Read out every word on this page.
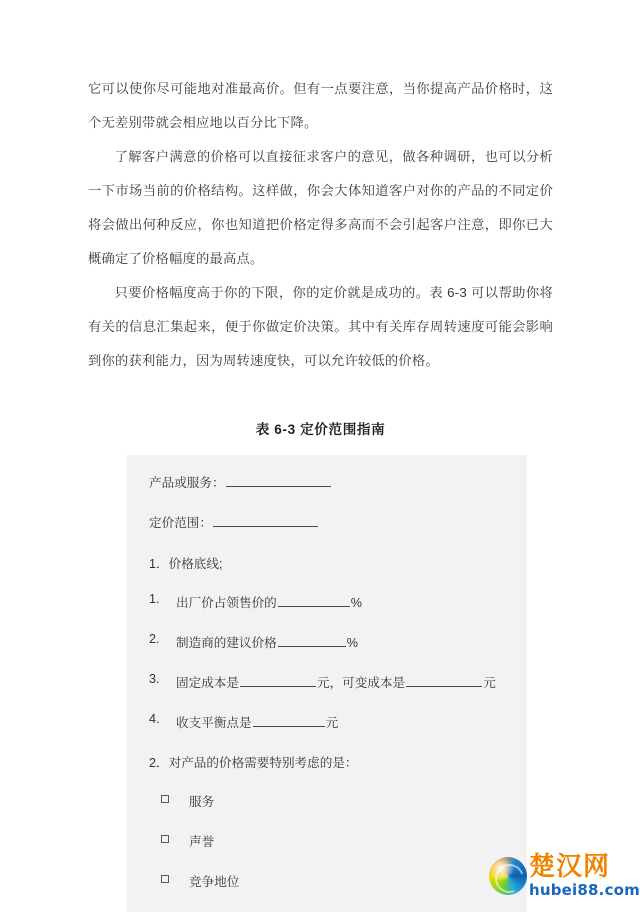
它可以使你尽可能地对准最高价。但有一点要注意，当你提高产品价格时，这个无差别带就会相应地以百分比下降。

了解客户满意的价格可以直接征求客户的意见，做各种调研，也可以分析一下市场当前的价格结构。这样做，你会大体知道客户对你的产品的不同定价将会做出何种反应，你也知道把价格定得多高而不会引起客户注意，即你已大概确定了价格幅度的最高点。

只要价格幅度高于你的下限，你的定价就是成功的。表 6-3 可以帮助你将有关的信息汇集起来，便于你做定价决策。其中有关库存周转速度可能会影响到你的获利能力，因为周转速度快，可以允许较低的价格。

表 6-3 定价范围指南
产品或服务：
定价范围：
1．价格底线;
1.	出厂价占领售价的	%
2.	制造商的建议价格	%
3.	固定成本是	元，可变成本是	元
4.	收支平衡点是	元
2．对产品的价格需要特别考虑的是：
服务
声誉
竞争地位	楚汉网
hubei88.com
